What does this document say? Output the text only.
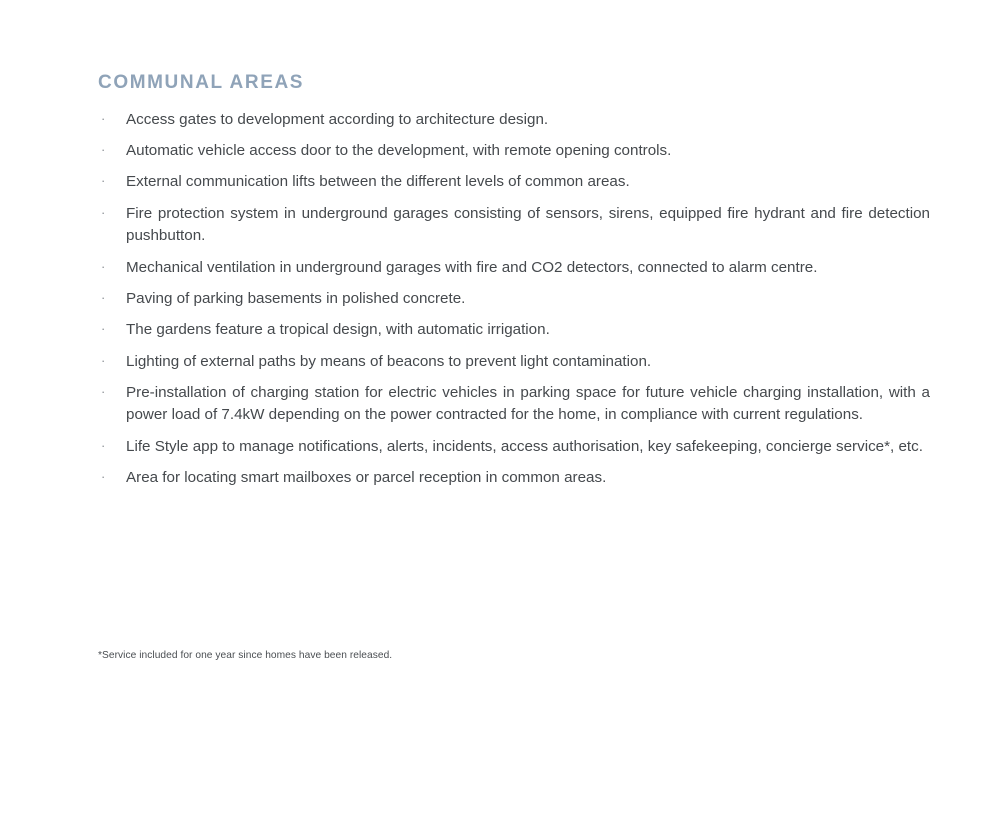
COMMUNAL AREAS
· Access gates to development according to architecture design.
· Automatic vehicle access door to the development, with remote opening controls.
· External communication lifts between the different levels of common areas.
· Fire protection system in underground garages consisting of sensors, sirens, equipped fire hydrant and fire detection pushbutton.
· Mechanical ventilation in underground garages with fire and CO2 detectors, connected to alarm centre.
· Paving of parking basements in polished concrete.
· The gardens feature a tropical design, with automatic irrigation.
· Lighting of external paths by means of beacons to prevent light contamination.
· Pre-installation of charging station for electric vehicles in parking space for future vehicle charging installation, with a power load of 7.4kW depending on the power contracted for the home, in compliance with current regulations.
· Life Style app to manage notifications, alerts, incidents, access authorisation, key safekeeping, concierge service*, etc.
· Area for locating smart mailboxes or parcel reception in common areas.
*Service included for one year since homes have been released.
